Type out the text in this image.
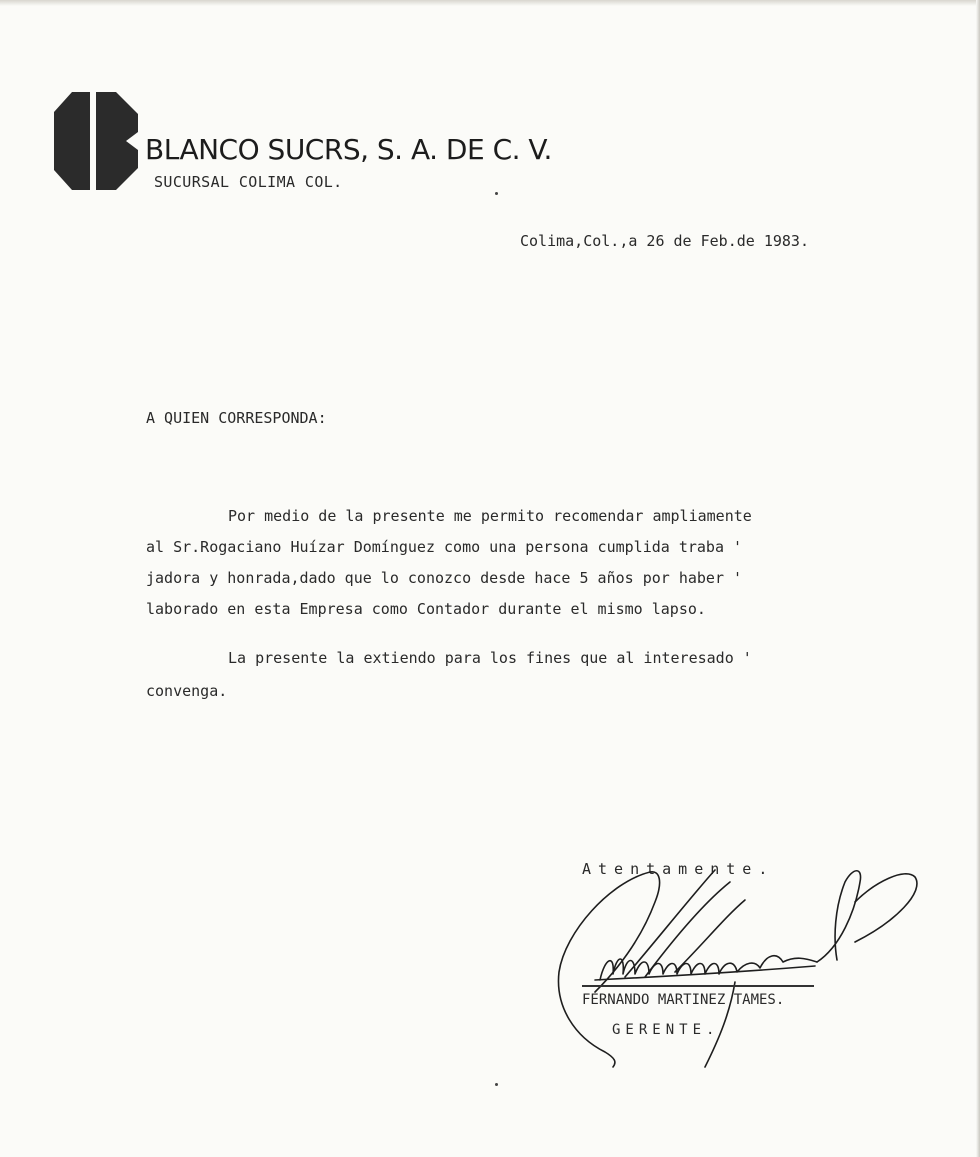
BLANCO SUCRS, S. A. DE C. V.
SUCURSAL COLIMA COL.
Colima,Col.,a 26 de Feb.de 1983.
A QUIEN CORRESPONDA:
Por medio de la presente me permito recomendar ampliamente
al Sr.Rogaciano Huízar Domínguez como una persona cumplida traba '
jadora y honrada,dado que lo conozco desde hace 5 años por haber '
laborado en esta Empresa como Contador durante el mismo lapso.
La presente la extiendo para los fines que al interesado '
convenga.
Atentamente.
FERNANDO MARTINEZ TAMES.
GERENTE.
